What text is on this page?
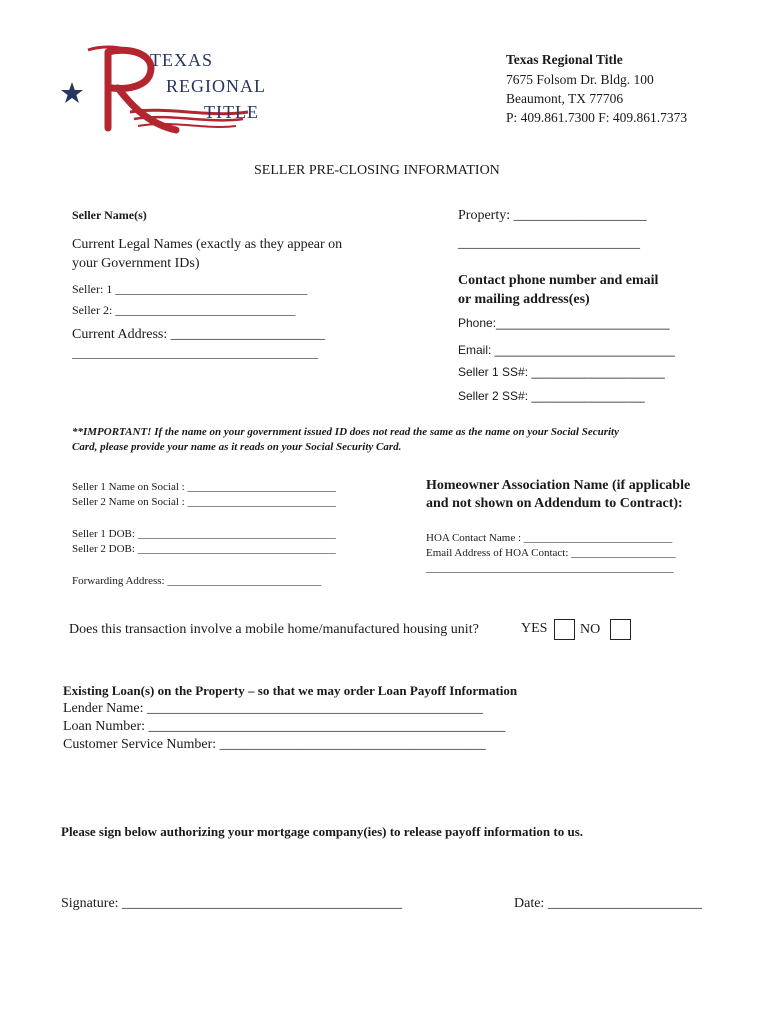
TEXAS
REGIONAL
TITLE
Texas Regional Title
7675 Folsom Dr. Bldg. 100
Beaumont, TX 77706
P: 409.861.7300 F: 409.861.7373
SELLER PRE-CLOSING INFORMATION
Seller Name(s)
Current Legal Names (exactly as they appear on
your Government IDs)
Seller: 1 ________________________________
Seller 2: ______________________________
Current Address: ______________________
_________________________________________
Property: ___________________
__________________________
Contact phone number and email
or mailing address(es)
Phone:__________________________
Email: ___________________________
Seller 1 SS#: ____________________
Seller 2 SS#: _________________
**IMPORTANT! If the name on your government issued ID does not read the same as the name on your Social Security
Card, please provide your name as it reads on your Social Security Card.
Seller 1 Name on Social : ___________________________
Seller 2 Name on Social : ___________________________
Seller 1 DOB: ____________________________________
Seller 2 DOB: ____________________________________
Forwarding Address: ____________________________
Homeowner Association Name (if applicable
and not shown on Addendum to Contract):
HOA Contact Name : ___________________________
Email Address of HOA Contact: ___________________
_____________________________________________
Does this transaction involve a mobile home/manufactured housing unit?	YES NO
Existing Loan(s) on the Property – so that we may order Loan Payoff Information
Lender Name: ________________________________________________
Loan Number: ___________________________________________________
Customer Service Number: ______________________________________
Please sign below authorizing your mortgage company(ies) to release payoff information to us.
Signature: ________________________________________	Date: ______________________
